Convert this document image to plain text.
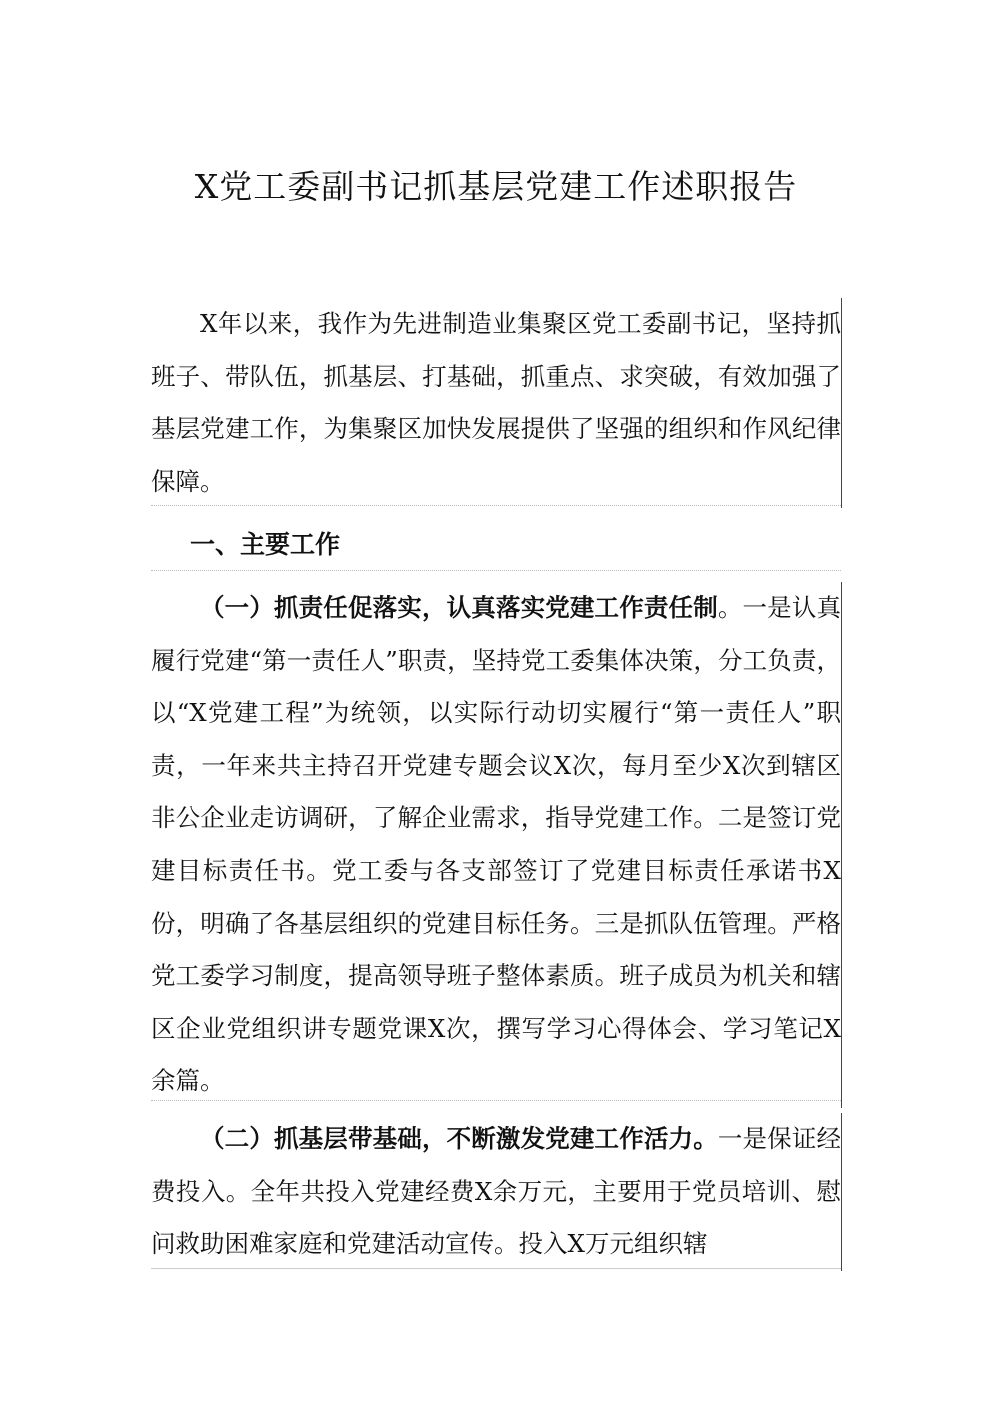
X党工委副书记抓基层党建工作述职报告

X年以来，我作为先进制造业集聚区党工委副书记，坚持抓班子、带队伍，抓基层、打基础，抓重点、求突破，有效加强了基层党建工作，为集聚区加快发展提供了坚强的组织和作风纪律保障。

一、主要工作

（一）抓责任促落实，认真落实党建工作责任制。一是认真履行党建“第一责任人”职责，坚持党工委集体决策，分工负责，以“X党建工程”为统领，以实际行动切实履行“第一责任人”职责，一年来共主持召开党建专题会议X次，每月至少X次到辖区非公企业走访调研，了解企业需求，指导党建工作。二是签订党建目标责任书。党工委与各支部签订了党建目标责任承诺书X份，明确了各基层组织的党建目标任务。三是抓队伍管理。严格党工委学习制度，提高领导班子整体素质。班子成员为机关和辖区企业党组织讲专题党课X次，撰写学习心得体会、学习笔记X余篇。

（二）抓基层带基础，不断激发党建工作活力。一是保证经费投入。全年共投入党建经费X余万元，主要用于党员培训、慰问救助困难家庭和党建活动宣传。投入X万元组织辖
